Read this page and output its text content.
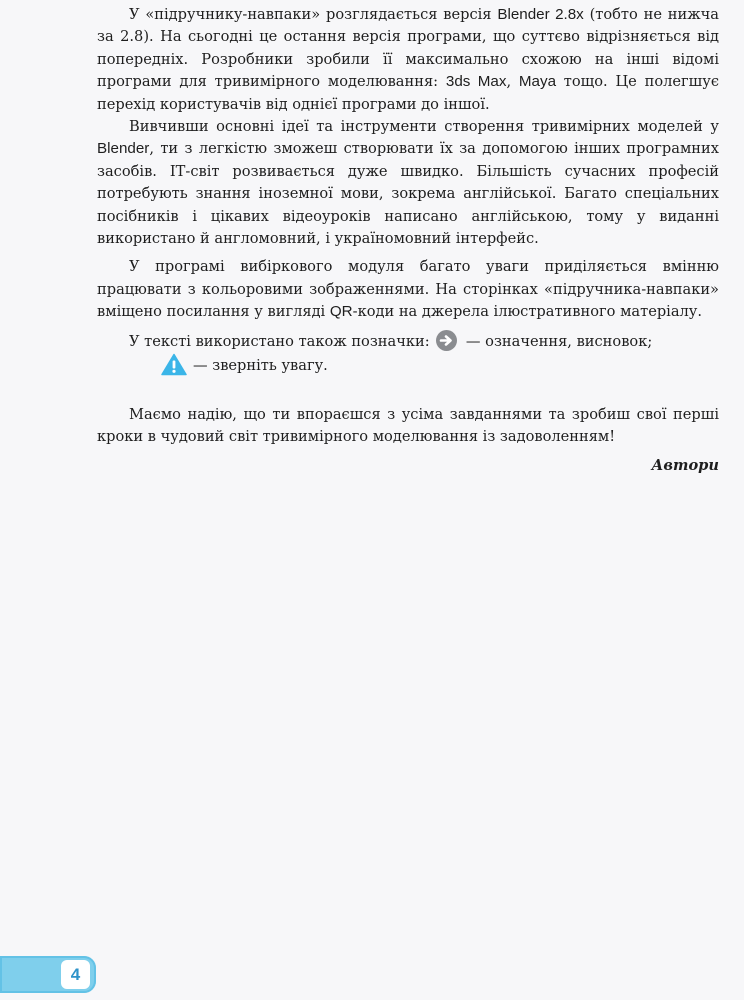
У «підручнику-навпаки» розглядається версія Blender 2.8x (тобто не нижча за 2.8). На сьогодні це остання версія програми, що суттєво відрізняється від попередніх. Розробники зробили її максимально схожою на інші відомі програми для тривимірного моделювання: 3ds Max, Maya тощо. Це полегшує перехід користувачів від однієї програми до іншої.

Вивчивши основні ідеї та інструменти створення тривимірних моделей у Blender, ти з легкістю зможеш створювати їх за допомогою інших програмних засобів. ІТ-світ розвивається дуже швидко. Більшість сучасних професій потребують знання іноземної мови, зокрема англійської. Багато спеціальних посібників і цікавих відеоуроків написано англійською, тому у виданні використано й англомовний, і україномовний інтерфейс.

У програмі вибіркового модуля багато уваги приділяється вмінню працювати з кольоровими зображеннями. На сторінках «підручника-навпаки» вміщено посилання у вигляді QR-коди на джерела ілюстративного матеріалу.

У тексті використано також позначки:
— означення, висновок;

— зверніть увагу.

Маємо надію, що ти впораєшся з усіма завданнями та зробиш свої перші кроки в чудовий світ тривимірного моделювання із задоволенням!

Автори
4
